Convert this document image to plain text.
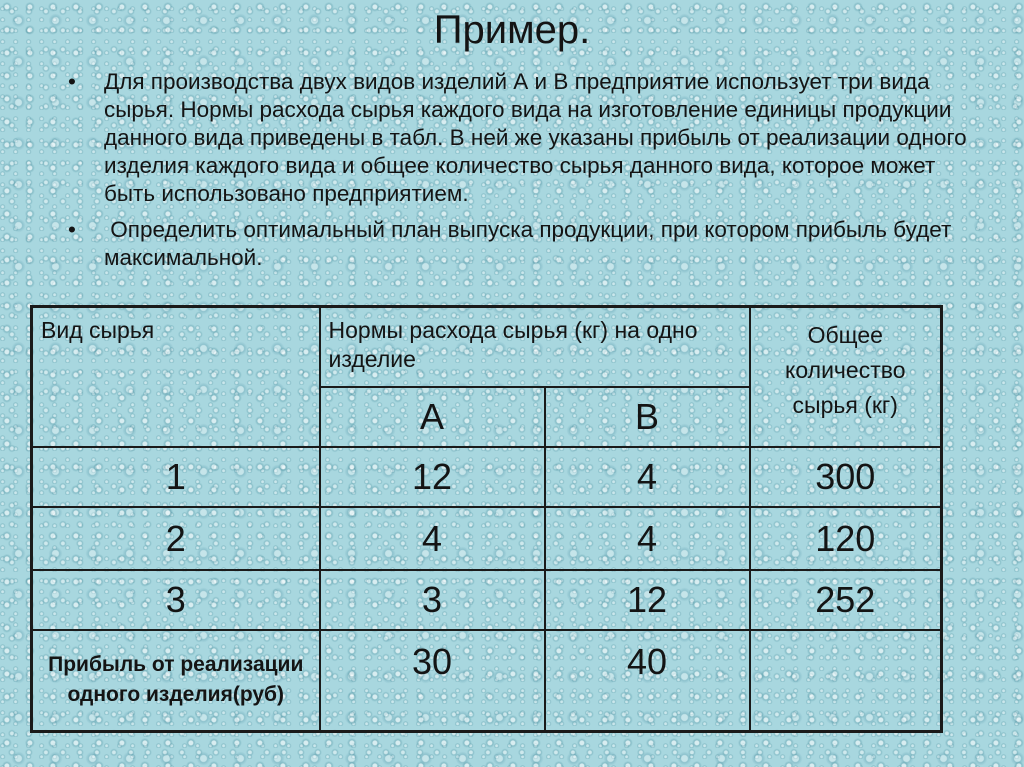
Пример.
• Для производства двух видов изделий А и В предприятие использует три вида сырья. Нормы расхода сырья каждого вида на изготовление единицы продукции данного вида приведены в табл. В ней же указаны прибыль от реализации одного изделия каждого вида и общее количество сырья данного вида, которое может быть использовано предприятием.
• Определить оптимальный план выпуска продукции, при котором прибыль будет максимальной.
Вид сырья	Нормы расхода сырья (кг) на одно изделие		Общее количество сырья (кг)
	А	В	
1	12	4	300
2	4	4	120
3	3	12	252
Прибыль от реализации одного изделия(руб)	30	40	
